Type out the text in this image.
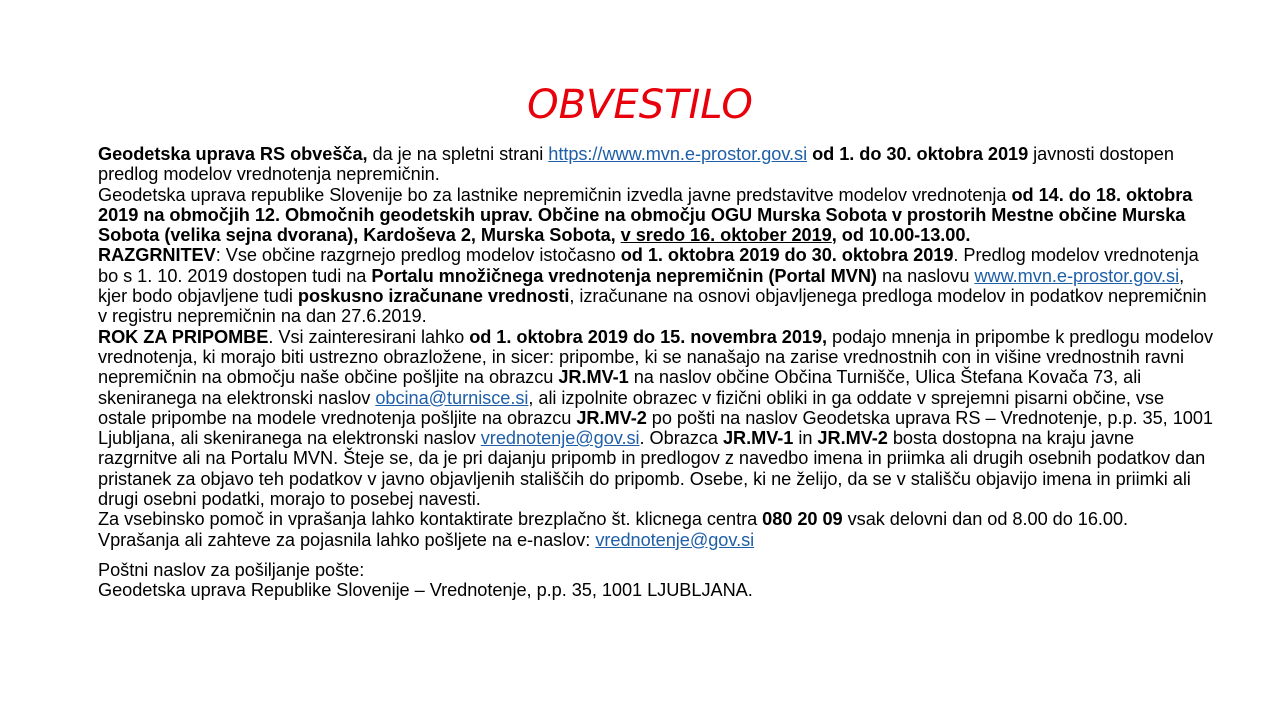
OBVESTILO

Geodetska uprava RS obvešča, da je na spletni strani https://www.mvn.e-prostor.gov.si od 1. do 30. oktobra 2019 javnosti dostopen predlog modelov vrednotenja nepremičnin.

Geodetska uprava republike Slovenije bo za lastnike nepremičnin izvedla javne predstavitve modelov vrednotenja od 14. do 18. oktobra 2019 na območjih 12. Območnih geodetskih uprav. Občine na območju OGU Murska Sobota v prostorih Mestne občine Murska Sobota (velika sejna dvorana), Kardoševa 2, Murska Sobota, v sredo 16. oktober 2019, od 10.00-13.00.

RAZGRNITEV: Vse občine razgrnejo predlog modelov istočasno od 1. oktobra 2019 do 30. oktobra 2019. Predlog modelov vrednotenja bo s 1. 10. 2019 dostopen tudi na Portalu množičnega vrednotenja nepremičnin (Portal MVN) na naslovu www.mvn.e-prostor.gov.si, kjer bodo objavljene tudi poskusno izračunane vrednosti, izračunane na osnovi objavljenega predloga modelov in podatkov nepremičnin v registru nepremičnin na dan 27.6.2019.

ROK ZA PRIPOMBE. Vsi zainteresirani lahko od 1. oktobra 2019 do 15. novembra 2019, podajo mnenja in pripombe k predlogu modelov vrednotenja, ki morajo biti ustrezno obrazložene, in sicer: pripombe, ki se nanašajo na zarise vrednostnih con in višine vrednostnih ravni nepremičnin na območju naše občine pošljite na obrazcu JR.MV-1 na naslov občine Občina Turnišče, Ulica Štefana Kovača 73, ali skeniranega na elektronski naslov obcina@turnisce.si, ali izpolnite obrazec v fizični obliki in ga oddate v sprejemni pisarni občine, vse ostale pripombe na modele vrednotenja pošljite na obrazcu JR.MV-2 po pošti na naslov Geodetska uprava RS – Vrednotenje, p.p. 35, 1001 Ljubljana, ali skeniranega na elektronski naslov vrednotenje@gov.si. Obrazca JR.MV-1 in JR.MV-2 bosta dostopna na kraju javne razgrnitve ali na Portalu MVN. Šteje se, da je pri dajanju pripomb in predlogov z navedbo imena in priimka ali drugih osebnih podatkov dan pristanek za objavo teh podatkov v javno objavljenih stališčih do pripomb. Osebe, ki ne želijo, da se v stališču objavijo imena in priimki ali drugi osebni podatki, morajo to posebej navesti.

Za vsebinsko pomoč in vprašanja lahko kontaktirate brezplačno št. klicnega centra 080 20 09 vsak delovni dan od 8.00 do 16.00.

Vprašanja ali zahteve za pojasnila lahko pošljete na e-naslov: vrednotenje@gov.si

Poštni naslov za pošiljanje pošte:
Geodetska uprava Republike Slovenije – Vrednotenje, p.p. 35, 1001 LJUBLJANA.
